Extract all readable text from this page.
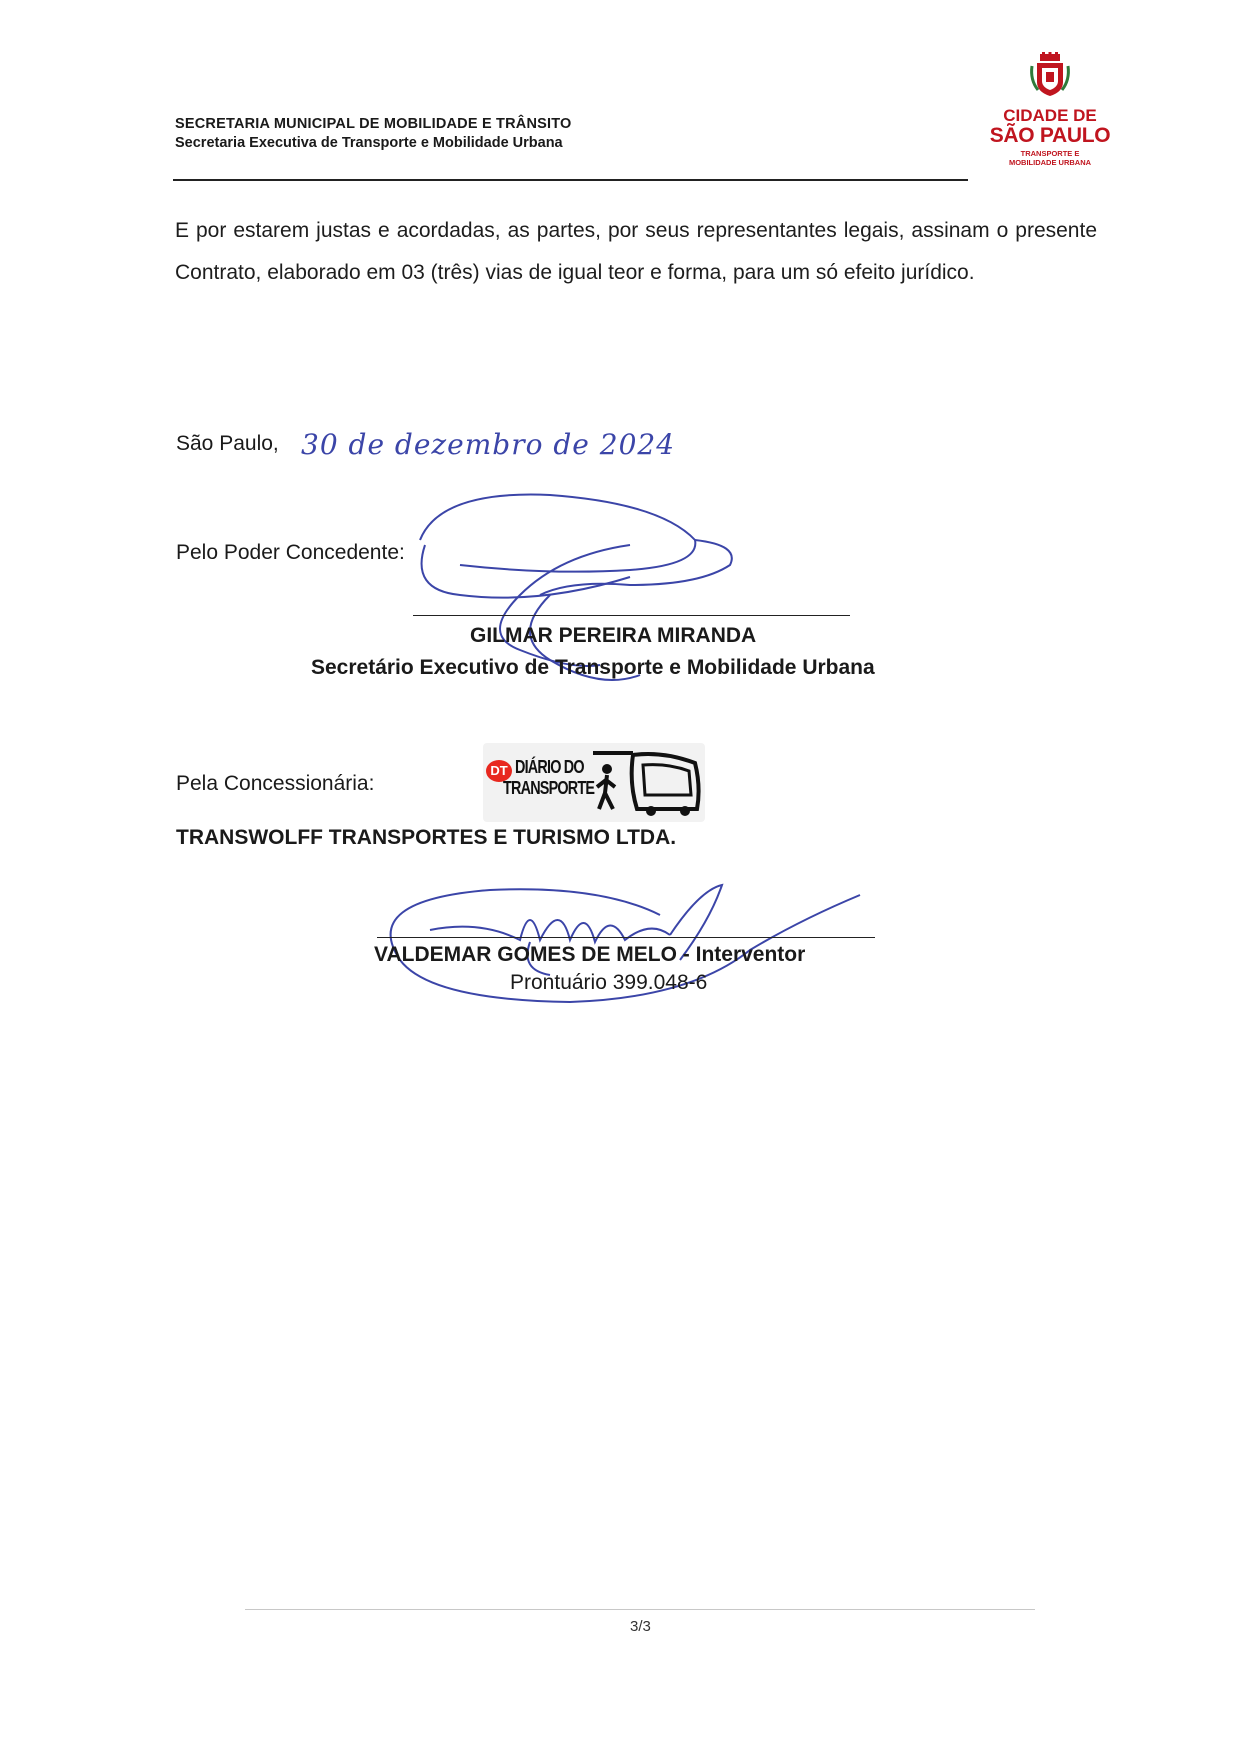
SECRETARIA MUNICIPAL DE MOBILIDADE E TRÂNSITO
Secretaria Executiva de Transporte e Mobilidade Urbana
CIDADE DE
SÃO PAULO
TRANSPORTE E
MOBILIDADE URBANA
E por estarem justas e acordadas, as partes, por seus representantes legais, assinam o presente Contrato, elaborado em 03 (três) vias de igual teor e forma, para um só efeito jurídico.
São Paulo, 30 de dezembro de 2024
Pelo Poder Concedente:
GILMAR PEREIRA MIRANDA
Secretário Executivo de Transporte e Mobilidade Urbana
Pela Concessionária:
DT DIÁRIO DO
TRANSPORTE
TRANSWOLFF TRANSPORTES E TURISMO LTDA.
VALDEMAR GOMES DE MELO - Interventor
Prontuário 399.048-6
3/3
